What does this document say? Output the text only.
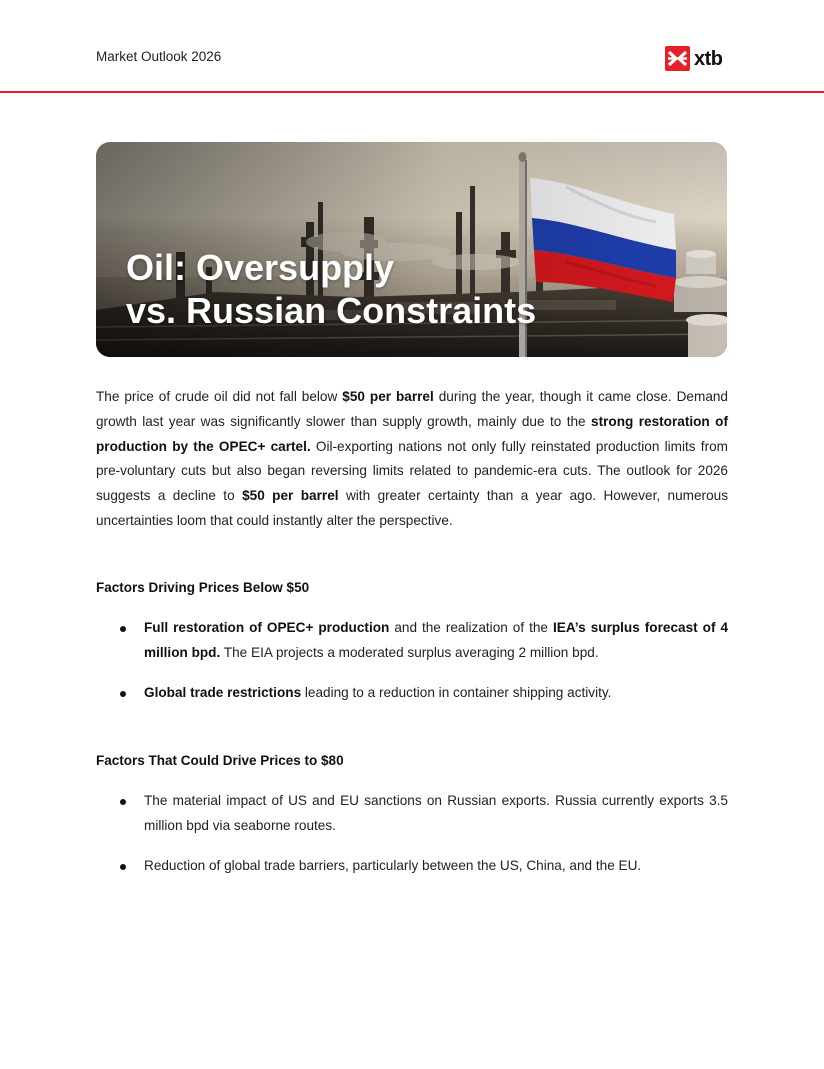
Market Outlook 2026	xtb
Oil: Oversupply
vs. Russian Constraints

The price of crude oil did not fall below $50 per barrel during the year, though it came close. Demand growth last year was significantly slower than supply growth, mainly due to the strong restoration of production by the OPEC+ cartel. Oil-exporting nations not only fully reinstated production limits from pre-voluntary cuts but also began reversing limits related to pandemic-era cuts. The outlook for 2026 suggests a decline to $50 per barrel with greater certainty than a year ago. However, numerous uncertainties loom that could instantly alter the perspective.

Factors Driving Prices Below $50
Full restoration of OPEC+ production and the realization of the IEA’s surplus forecast of 4 million bpd. The EIA projects a moderated surplus averaging 2 million bpd.
Global trade restrictions leading to a reduction in container shipping activity.
Factors That Could Drive Prices to $80
The material impact of US and EU sanctions on Russian exports. Russia currently exports 3.5 million bpd via seaborne routes.
Reduction of global trade barriers, particularly between the US, China, and the EU.
